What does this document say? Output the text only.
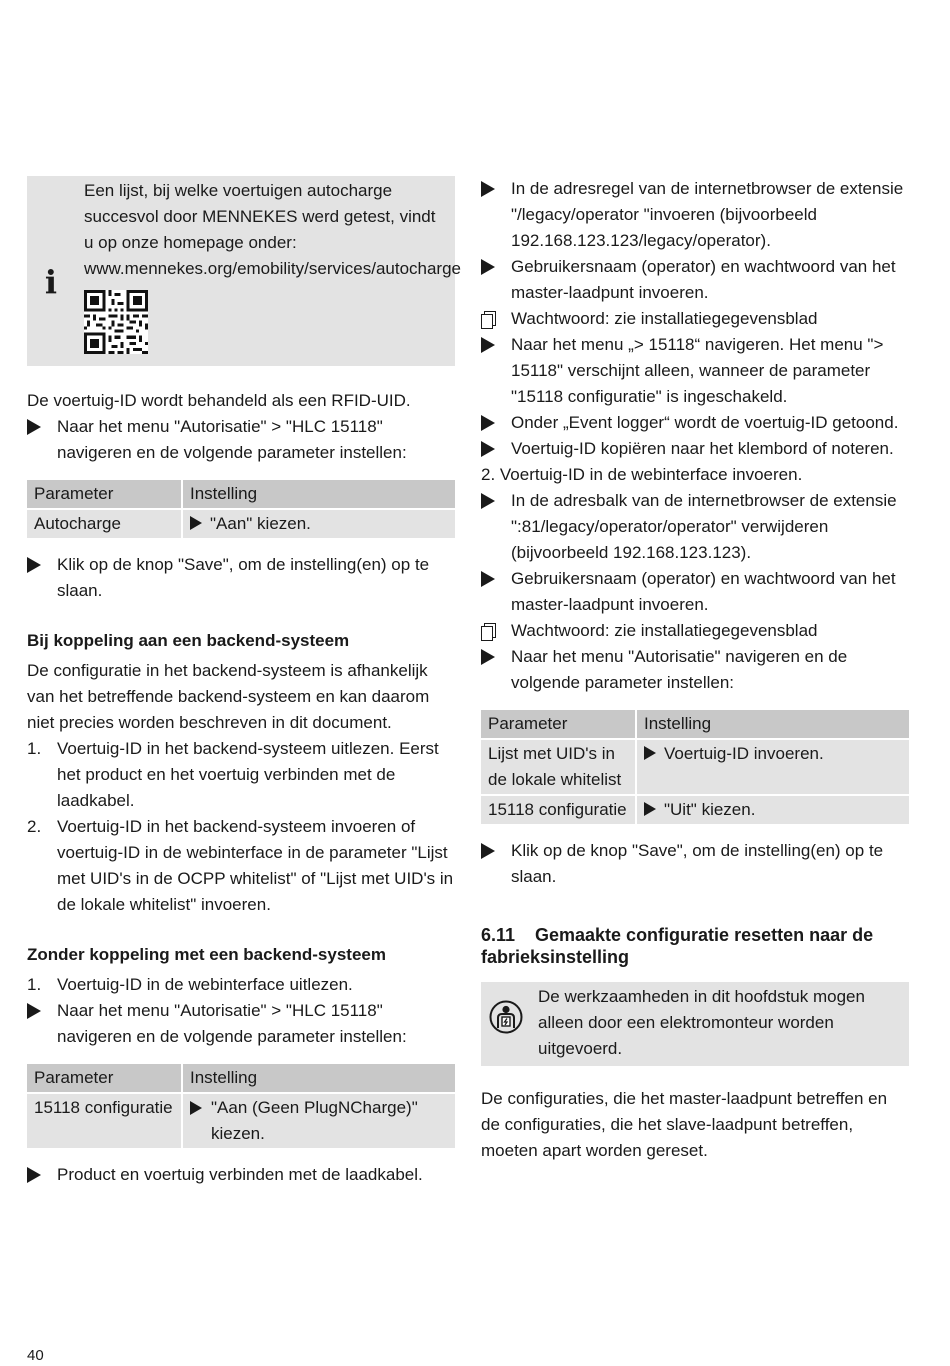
i

Een lijst, bij welke voertuigen autocharge succesvol door MENNEKES werd getest, vindt u op onze homepage onder: www.mennekes.org/emobility/services/autocharge

De voertuig-ID wordt behandeld als een RFID-UID.

Naar het menu "Autorisatie" > "HLC 15118" navigeren en de volgende parameter instellen:
Parameter	Instelling
Autocharge	"Aan" kiezen.
Klik op de knop "Save", om de instelling(en) op te slaan.

Bij koppeling aan een backend-systeem

De configuratie in het backend-systeem is afhankelijk van het betreffende backend-systeem en kan daarom niet precies worden beschreven in dit document.

1. Voertuig-ID in het backend-systeem uitlezen. Eerst het product en het voertuig verbinden met de laadkabel.
2. Voertuig-ID in het backend-systeem invoeren of voertuig-ID in de webinterface in de parameter "Lijst met UID's in de OCPP whitelist" of "Lijst met UID's in de lokale whitelist" invoeren.

Zonder koppeling met een backend-systeem

1. Voertuig-ID in de webinterface uitlezen.
Naar het menu "Autorisatie" > "HLC 15118" navigeren en de volgende parameter instellen:
Parameter	Instelling
15118 configuratie	"Aan (Geen PlugNCharge)" kiezen.
Product en voertuig verbinden met de laadkabel.
In de adresregel van de internetbrowser de extensie "/legacy/operator "invoeren (bijvoorbeeld 192.168.123.123/legacy/operator).
Gebruikersnaam (operator) en wachtwoord van het master-laadpunt invoeren.
Wachtwoord: zie installatiegegevensblad
Naar het menu „> 15118“ navigeren. Het menu "> 15118" verschijnt alleen, wanneer de parameter "15118 configuratie" is ingeschakeld.
Onder „Event logger“ wordt de voertuig-ID getoond.
Voertuig-ID kopiëren naar het klembord of noteren.

2. Voertuig-ID in de webinterface invoeren.

In de adresbalk van de internetbrowser de extensie ":81/legacy/operator/operator" verwijderen (bijvoorbeeld 192.168.123.123).
Gebruikersnaam (operator) en wachtwoord van het master-laadpunt invoeren.
Wachtwoord: zie installatiegegevensblad
Naar het menu "Autorisatie" navigeren en de volgende parameter instellen:
Parameter	Instelling
Lijst met UID's in de lokale whitelist	Voertuig-ID invoeren.
15118 configuratie	"Uit" kiezen.
Klik op de knop "Save", om de instelling(en) op te slaan.
6.11 Gemaakte configuratie resetten naar de fabrieksinstelling

De werkzaamheden in dit hoofdstuk mogen alleen door een elektromonteur worden uitgevoerd.

De configuraties, die het master-laadpunt betreffen en de configuraties, die het slave-laadpunt betreffen, moeten apart worden gereset.

40
